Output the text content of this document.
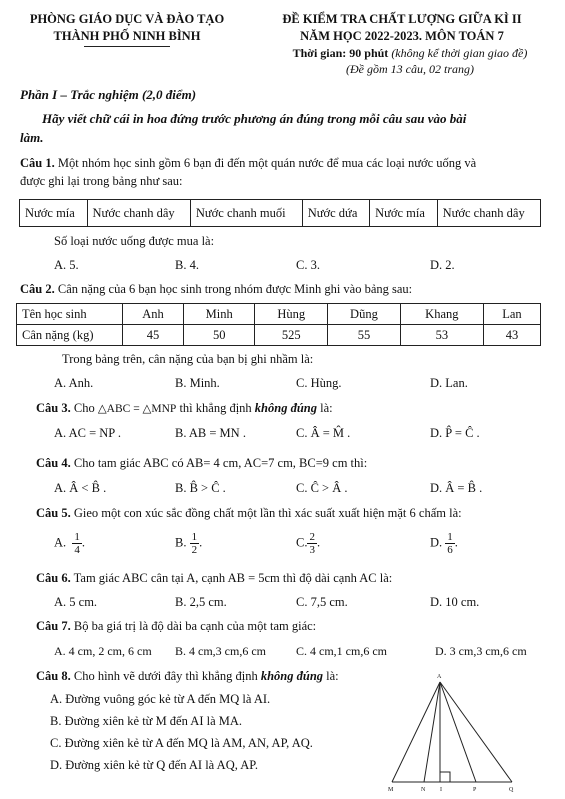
PHÒNG GIÁO DỤC VÀ ĐÀO TẠO
THÀNH PHỐ NINH BÌNH
ĐỀ KIỂM TRA CHẤT LƯỢNG GIỮA KÌ II
NĂM HỌC 2022-2023. MÔN TOÁN 7
Thời gian: 90 phút (không kể thời gian giao đề)
(Đề gồm 13 câu, 02 trang)
Phần I – Trắc nghiệm (2,0 điểm)
Hãy viết chữ cái in hoa đứng trước phương án đúng trong mỗi câu sau vào bài
làm.
Câu 1. Một nhóm học sinh gồm 6 bạn đi đến một quán nước để mua các loại nước uống và
được ghi lại trong bảng như sau:
Nước mía	Nước chanh dây	Nước chanh muối	Nước dứa	Nước mía	Nước chanh dây
Số loại nước uống được mua là:
A. 5.	B. 4.	C. 3.	D. 2.
Câu 2. Cân nặng của 6 bạn học sinh trong nhóm được Minh ghi vào bảng sau:
Tên học sinh	Anh	Minh	Hùng	Dũng	Khang	Lan
Cân nặng (kg)	45	50	525	55	53	43
Trong bảng trên, cân nặng của bạn bị ghi nhầm là:
A. Anh.	B. Minh.	C. Hùng.	D. Lan.
Câu 3. Cho △ABC = △MNP thì khẳng định không đúng là:
A. AC = NP .	B. AB = MN .	C. Â = M̂ .	D. P̂ = Ĉ .
Câu 4. Cho tam giác ABC có AB= 4 cm, AC=7 cm, BC=9 cm thì:
A. Â < B̂ .	B. B̂ > Ĉ .	C. Ĉ > Â .	D. Â = B̂ .
Câu 5. Gieo một con xúc sắc đồng chất một lần thì xác suất xuất hiện mặt 6 chấm là:
A. $\frac{1}{4}$ .	B. $\frac{1}{2}$ .	C. $\frac{2}{3}$ .	D. $\frac{1}{6}$ .
Câu 6. Tam giác ABC cân tại A, cạnh AB = 5cm thì độ dài cạnh AC là:
A. 5 cm.	B. 2,5 cm.	C. 7,5 cm.	D. 10 cm.
Câu 7. Bộ ba giá trị là độ dài ba cạnh của một tam giác:
A. 4 cm, 2 cm, 6 cm B. 4 cm,3 cm,6 cm	C. 4 cm,1 cm,6 cm	D. 3 cm,3 cm,6 cm
Câu 8. Cho hình vẽ dưới đây thì khẳng định không đúng là:
A. Đường vuông góc kẻ từ A đến MQ là AI.
B. Đường xiên kẻ từ M đến AI là MA.
C. Đường xiên kẻ từ A đến MQ là AM, AN, AP, AQ.
D. Đường xiên kẻ từ Q đến AI là AQ, AP.
A
M	N I	P	Q
